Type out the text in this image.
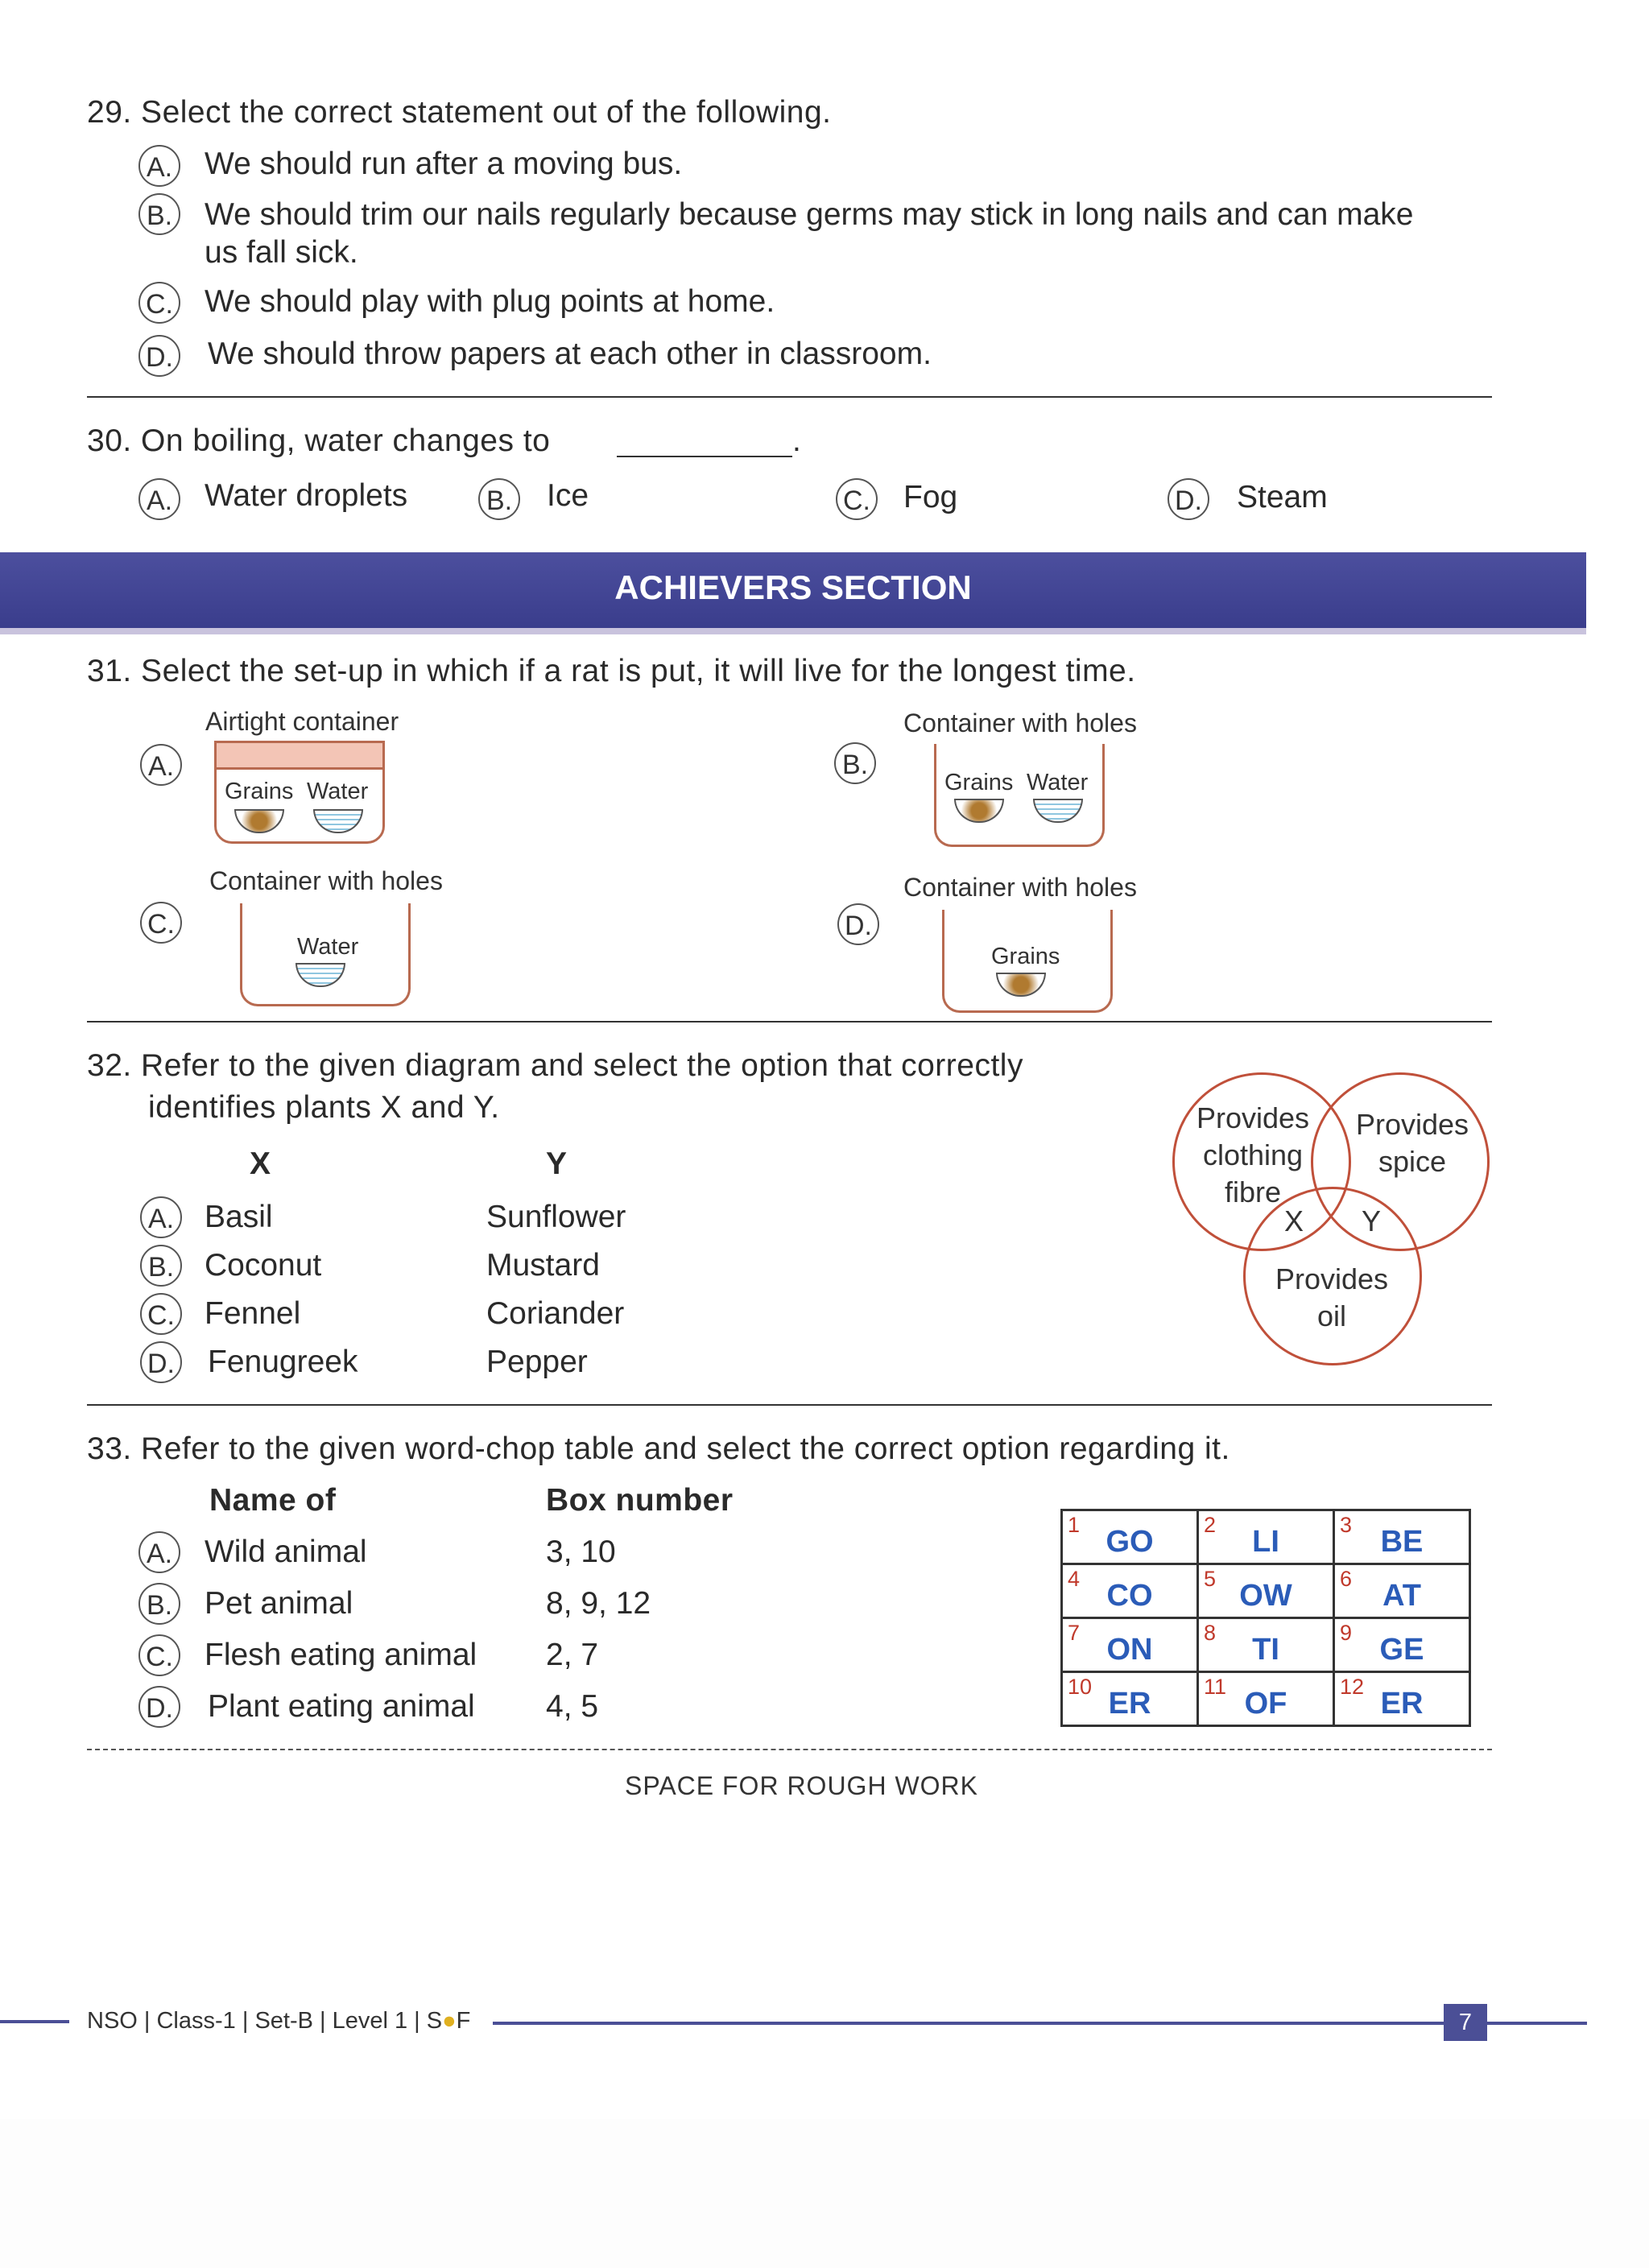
29. Select the correct statement out of the following.
A. We should run after a moving bus.
B. We should trim our nails regularly because germs may stick in long nails and can make
us fall sick.
C. We should play with plug points at home.
D. We should throw papers at each other in classroom.
30. On boiling, water changes to	.
A. Water droplets	B. Ice	C. Fog	D. Steam
ACHIEVERS SECTION
31. Select the set-up in which if a rat is put, it will live for the longest time.
Airtight container
A.
Grains Water
Container with holes
B.
Grains Water
Container with holes
C.
Water
Container with holes
D.
Grains
32. Refer to the given diagram and select the option that correctly
identifies plants X and Y.
X	Y
A. Basil	Sunflower
B. Coconut	Mustard
C. Fennel	Coriander
D. Fenugreek	Pepper
Provides
clothing
fibre
Provides
spice
Provides
oil
X Y
33. Refer to the given word-chop table and select the correct option regarding it.
Name of	Box number
A. Wild animal	3, 10
B. Pet animal	8, 9, 12
C. Flesh eating animal 2, 7
D. Plant eating animal 4, 5
1 GO	2 LI	3 BE

4 CO	5 OW	6 AT

7 ON	8 TI	9 GE

10 ER	11 OF	12 ER
SPACE FOR ROUGH WORK
NSO | Class-1 | Set-B | Level 1 | S●F	7
